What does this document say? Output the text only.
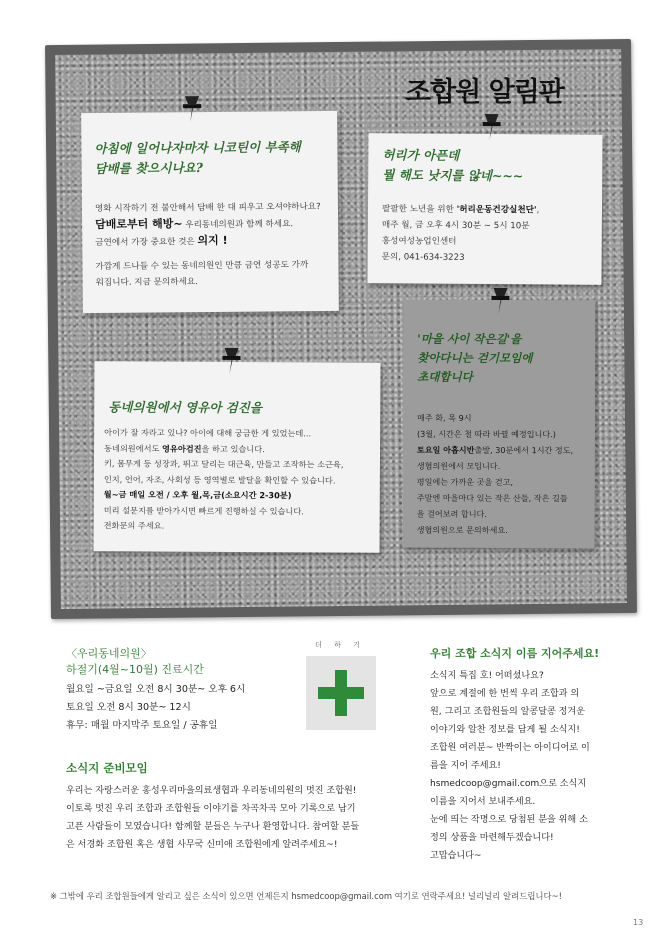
조합원 알림판
아침에 일어나자마자 니코틴이 부족해
담배를 찾으시나요?
영화 시작하기 전 불안해서 담배 한 대 피우고 오셔야하나요?
담배로부터 해방~ 우리동네의원과 함께 하세요.
금연에서 가장 중요한 것은 의지 !
가깝게 드나들 수 있는 동네의원인 만큼 금연 성공도 가까
워집니다. 지금 문의하세요.
허리가 아픈데
뭘 해도 낫지를 않네~~~
팔팔한 노년을 위한 '허리운동건강실천단',
매주 월, 금 오후 4시 30분 ~ 5시 10분
홍성여성농업인센터
문의, 041-634-3223
동네의원에서 영유아 검진을
아이가 잘 자라고 있나? 아이에 대해 궁금한 게 있었는데...
동네의원에서도 영유아검진을 하고 있습니다.
키, 몸무게 등 성장과, 뛰고 달리는 대근육, 만들고 조작하는 소근육,
인지, 언어, 자조, 사회성 등 영역별로 발달을 확인할 수 있습니다.
월~금 매일 오전 / 오후 월,목,금(소요시간 2-30분)
미리 설문지를 받아가시면 빠르게 진행하실 수 있습니다.
전화문의 주세요.
'마을 사이 작은길'을
찾아다니는 걷기모임에
초대합니다
매주 화, 목 9시
(3월, 시간은 철 따라 바뀔 예정입니다.)
토요일 아홉시반출발, 30분에서 1시간 정도,
생협의원에서 모입니다.
평일에는 가까운 곳을 걷고,
주말엔 마을마다 있는 작은 산들, 작은 길들
을 걸어보려 합니다.
생협의원으로 문의하세요.
〈우리동네의원〉
하절기(4월~10월) 진료시간
월요일 ~금요일 오전 8시 30분~ 오후 6시
토요일 오전 8시 30분~ 12시
휴무: 매월 마지막주 토요일 / 공휴일
더 하 기
소식지 준비모임
우리는 자랑스러운 홍성우리마을의료생협과 우리동네의원의 멋진 조합원!
이토록 멋진 우리 조합과 조합원들 이야기를 차곡차곡 모아 기록으로 남기
고픈 사람들이 모였습니다! 함께할 분들은 누구나 환영합니다. 참여할 분들
은 서경화 조합원 혹은 생협 사무국 신미애 조합원에게 알려주세요~!
우리 조합 소식지 이름 지어주세요!
소식지 특집 호! 어떠셨나요?
앞으로 계절에 한 번씩 우리 조합과 의
원, 그리고 조합원들의 알콩달콩 정겨운
이야기와 알찬 정보를 담게 될 소식지!
조합원 여러분~ 반짝이는 아이디어로 이
름을 지어 주세요!
hsmedcoop@gmail.com으로 소식지
이름을 지어서 보내주세요.
눈에 띄는 작명으로 당첨된 분을 위해 소
정의 상품을 마련해두겠습니다!
고맙습니다~
※ 그밖에 우리 조합원들에게 알리고 싶은 소식이 있으면 언제든지 hsmedcoop@gmail.com 여기로 연락주세요! 널리널리 알려드립니다~!
13
